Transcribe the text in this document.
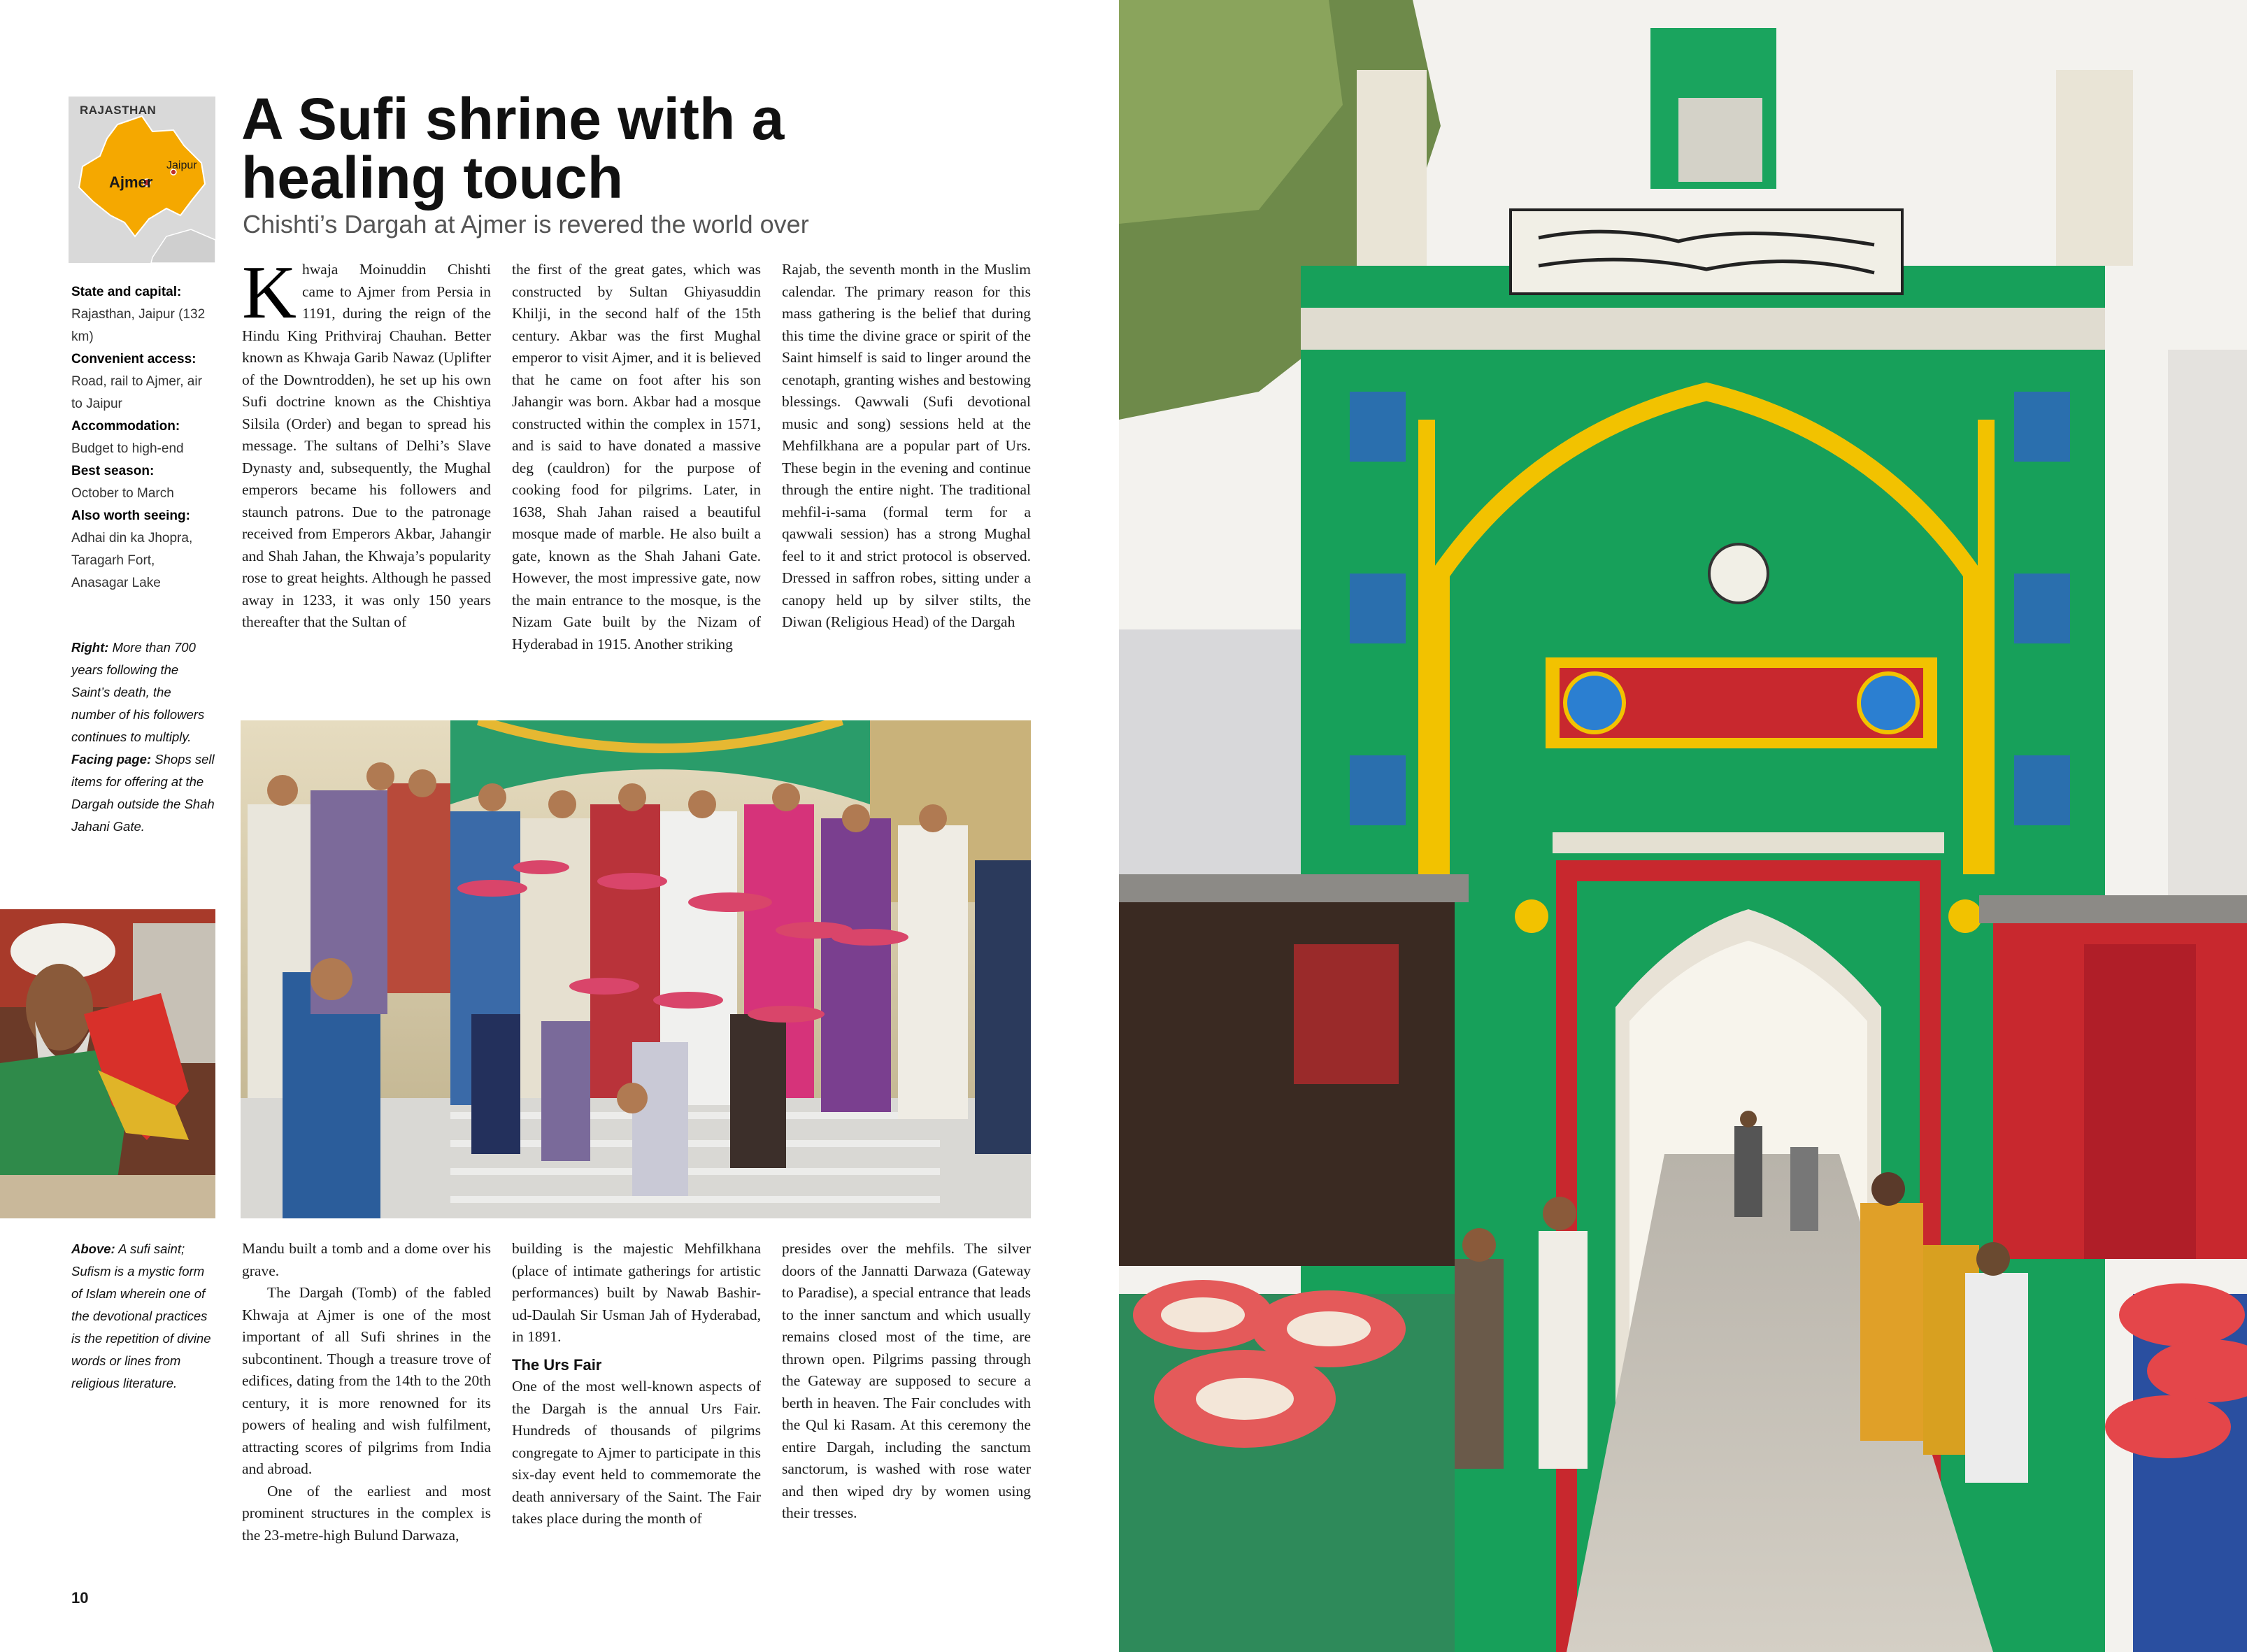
RAJASTHAN
Ajmer
Jaipur
A Sufi shrine with a
healing touch
Chishti’s Dargah at Ajmer is revered the world over
State and capital:
Rajasthan, Jaipur (132 km)
Convenient access:
Road, rail to Ajmer, air to Jaipur
Accommodation:
Budget to high-end
Best season:
October to March
Also worth seeing:
Adhai din ka Jhopra, Taragarh Fort, Anasagar Lake
Right: More than 700 years following the Saint’s death, the number of his followers continues to multiply. Facing page: Shops sell items for offering at the Dargah outside the Shah Jahani Gate.

Khwaja Moinuddin Chishti came to Ajmer from Persia in 1191, during the reign of the Hindu King Prithviraj Chauhan. Better known as Khwaja Garib Nawaz (Uplifter of the Downtrodden), he set up his own Sufi doctrine known as the Chishtiya Silsila (Order) and began to spread his message. The sultans of Delhi’s Slave Dynasty and, subsequently, the Mughal emperors became his followers and staunch patrons. Due to the patronage received from Emperors Akbar, Jahangir and Shah Jahan, the Khwaja’s popularity rose to great heights. Although he passed away in 1233, it was only 150 years thereafter that the Sultan of

the first of the great gates, which was constructed by Sultan Ghiyasuddin Khilji, in the second half of the 15th century. Akbar was the first Mughal emperor to visit Ajmer, and it is believed that he came on foot after his son Jahangir was born. Akbar had a mosque constructed within the complex in 1571, and is said to have donated a massive deg (cauldron) for the purpose of cooking food for pilgrims. Later, in 1638, Shah Jahan raised a beautiful mosque made of marble. He also built a gate, known as the Shah Jahani Gate. However, the most impressive gate, now the main entrance to the mosque, is the Nizam Gate built by the Nizam of Hyderabad in 1915. Another striking

Rajab, the seventh month in the Muslim calendar. The primary reason for this mass gathering is the belief that during this time the divine grace or spirit of the Saint himself is said to linger around the cenotaph, granting wishes and bestowing blessings. Qawwali (Sufi devotional music and song) sessions held at the Mehfilkhana are a popular part of Urs. These begin in the evening and continue through the entire night. The traditional mehfil-i-sama (formal term for a qawwali session) has a strong Mughal feel to it and strict protocol is observed. Dressed in saffron robes, sitting under a canopy held up by silver stilts, the Diwan (Religious Head) of the Dargah

Above: A sufi saint; Sufism is a mystic form of Islam wherein one of the devotional practices is the repetition of divine words or lines from religious literature.

Mandu built a tomb and a dome over his grave.

The Dargah (Tomb) of the fabled Khwaja at Ajmer is one of the most important of all Sufi shrines in the subcontinent. Though a treasure trove of edifices, dating from the 14th to the 20th century, it is more renowned for its powers of healing and wish fulfilment, attracting scores of pilgrims from India and abroad.

One of the earliest and most prominent structures in the complex is the 23-metre-high Bulund Darwaza,

building is the majestic Mehfilkhana (place of intimate gatherings for artistic performances) built by Nawab Bashir-ud-Daulah Sir Usman Jah of Hyderabad, in 1891.

The Urs Fair

One of the most well-known aspects of the Dargah is the annual Urs Fair. Hundreds of thousands of pilgrims congregate to Ajmer to participate in this six-day event held to commemorate the death anniversary of the Saint. The Fair takes place during the month of

presides over the mehfils. The silver doors of the Jannatti Darwaza (Gateway to Paradise), a special entrance that leads to the inner sanctum and which usually remains closed most of the time, are thrown open. Pilgrims passing through the Gateway are supposed to secure a berth in heaven. The Fair concludes with the Qul ki Rasam. At this ceremony the entire Dargah, including the sanctum sanctorum, is washed with rose water and then wiped dry by women using their tresses.

10
